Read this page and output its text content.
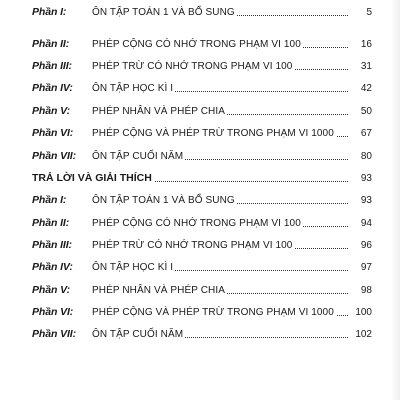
Phần I:	ÔN TẬP TOÁN 1 VÀ BỔ SUNG	5
Phần II: PHÉP CỘNG CÓ NHỚ TRONG PHẠM VI 100	16
Phần III: PHÉP TRỪ CÓ NHỚ TRONG PHẠM VI 100	31
Phần IV: ÔN TẬP HỌC KÌ I	42
Phần V: PHÉP NHÂN VÀ PHÉP CHIA	50
Phần VI: PHÉP CỘNG VÀ PHÉP TRỪ TRONG PHẠM VI 1000	67
Phần VII: ÔN TẬP CUỐI NĂM	80
TRẢ LỜI VÀ GIẢI THÍCH	93
Phần I:	ÔN TẬP TOÁN 1 VÀ BỔ SUNG	93
Phần II: PHÉP CỘNG CÓ NHỚ TRONG PHẠM VI 100	94
Phần III: PHÉP TRỪ CÓ NHỚ TRONG PHẠM VI 100	96
Phần IV: ÔN TẬP HỌC KÌ I	97
Phần V: PHÉP NHÂN VÀ PHÉP CHIA	98
Phần VI: PHÉP CỘNG VÀ PHÉP TRỪ TRONG PHẠM VI 1000	100
Phần VII: ÔN TẬP CUỐI NĂM	102
